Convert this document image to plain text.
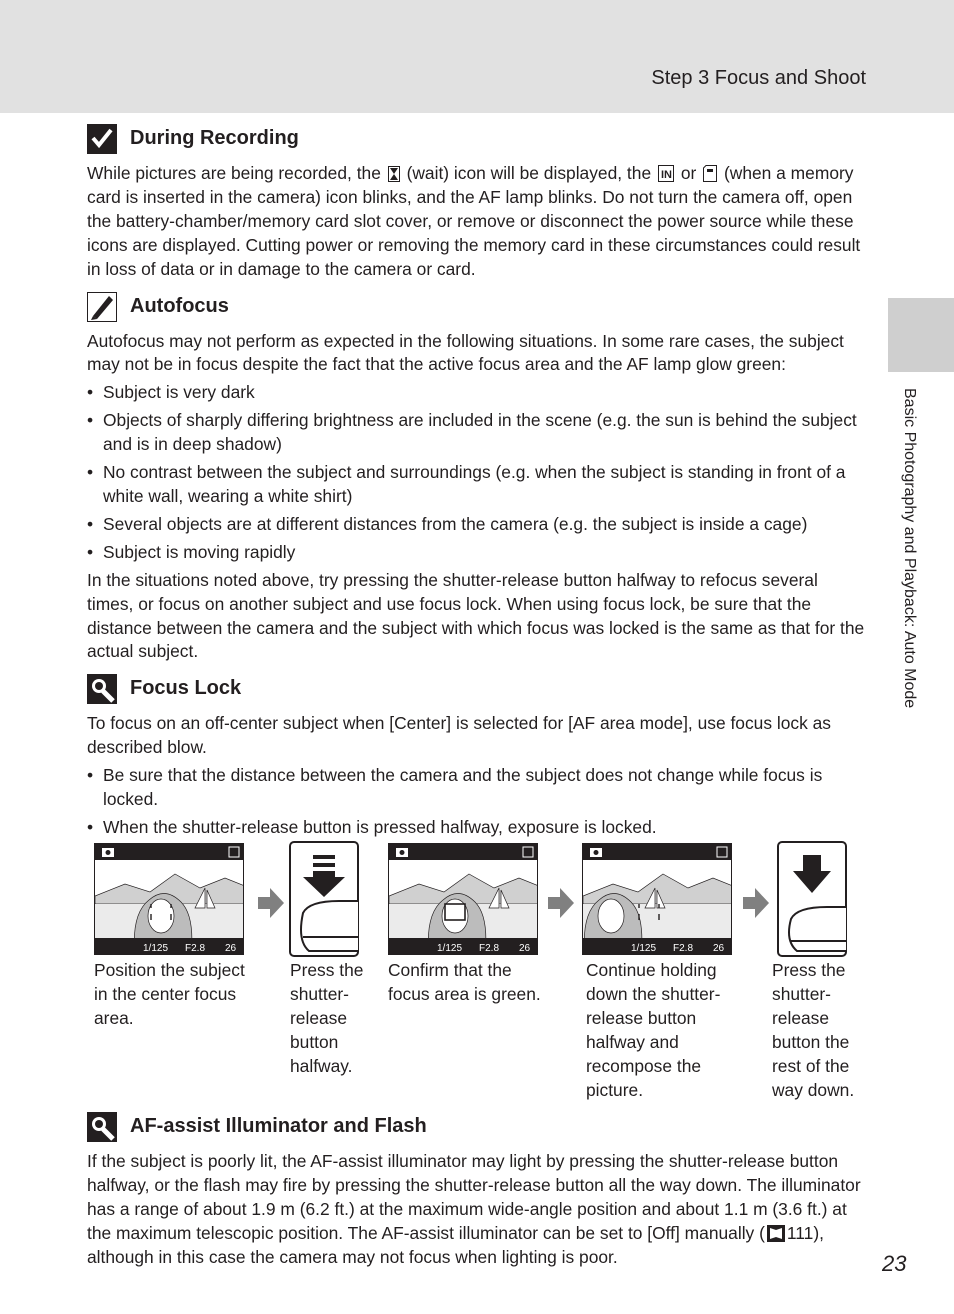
Step 3 Focus and Shoot
Basic Photography and Playback: Auto Mode
During Recording

While pictures are being recorded, the (wait) icon will be displayed, the IN or (when a memory card is inserted in the camera) icon blinks, and the AF lamp blinks. Do not turn the camera off, open the battery-chamber/memory card slot cover, or remove or disconnect the power source while these icons are displayed. Cutting power or removing the memory card in these circumstances could result in loss of data or in damage to the camera or card.

Autofocus

Autofocus may not perform as expected in the following situations. In some rare cases, the subject may not be in focus despite the fact that the active focus area and the AF lamp glow green:

• Subject is very dark
• Objects of sharply differing brightness are included in the scene (e.g. the sun is behind the subject and is in deep shadow)
• No contrast between the subject and surroundings (e.g. when the subject is standing in front of a white wall, wearing a white shirt)
• Several objects are at different distances from the camera (e.g. the subject is inside a cage)
• Subject is moving rapidly

In the situations noted above, try pressing the shutter-release button halfway to refocus several times, or focus on another subject and use focus lock. When using focus lock, be sure that the distance between the camera and the subject with which focus was locked is the same as that for the actual subject.

Focus Lock

To focus on an off-center subject when [Center] is selected for [AF area mode], use focus lock as described blow.

• Be sure that the distance between the camera and the subject does not change while focus is locked.
• When the shutter-release button is pressed halfway, exposure is locked.
1/125 F2.8 26	1/125 F2.8 26	1/125 F2.8 26
Position the subject in the center focus area.
Press the shutter-release button halfway.
Confirm that the focus area is green.
Continue holding down the shutter-release button halfway and recompose the picture.
Press the shutter-release button the rest of the way down.
AF-assist Illuminator and Flash

If the subject is poorly lit, the AF-assist illuminator may light by pressing the shutter-release button halfway, or the flash may fire by pressing the shutter-release button all the way down. The illuminator has a range of about 1.9 m (6.2 ft.) at the maximum wide-angle position and about 1.1 m (3.6 ft.) at the maximum telescopic position. The AF-assist illuminator can be set to [Off] manually ( 111), although in this case the camera may not focus when lighting is poor.	23
